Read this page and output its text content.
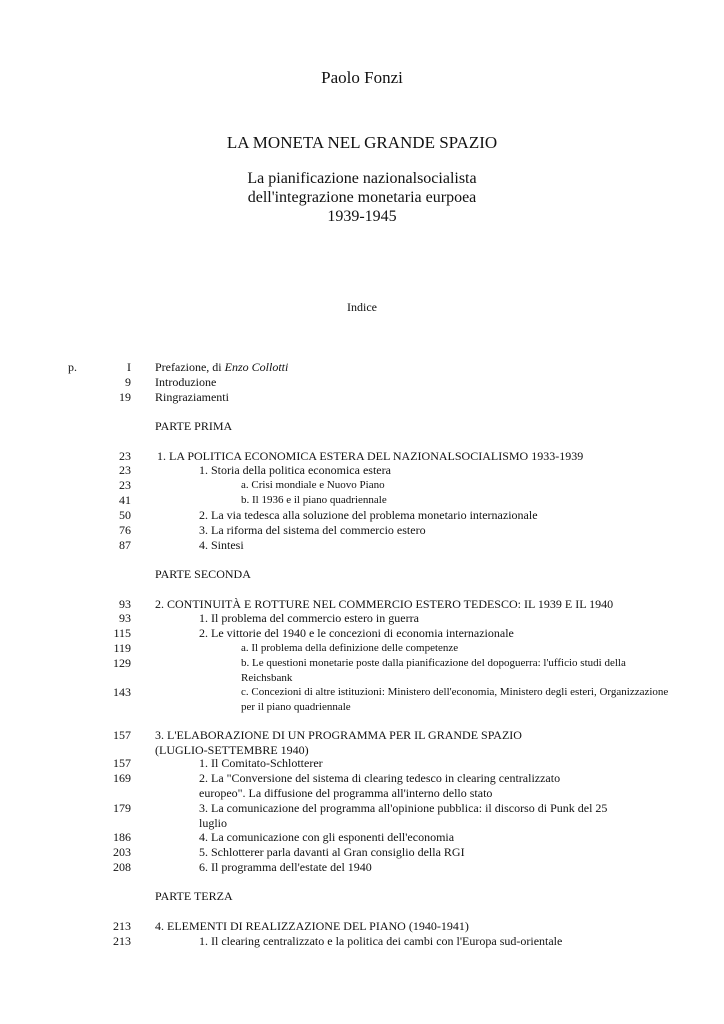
Paolo Fonzi
LA MONETA NEL GRANDE SPAZIO
La pianificazione nazionalsocialista
dell'integrazione monetaria eurpoea
1939-1945
Indice
p.	I Prefazione, di Enzo Collotti
9 Introduzione
19 Ringraziamenti
PARTE PRIMA
23 1. LA POLITICA ECONOMICA ESTERA DEL NAZIONALSOCIALISMO 1933-1939
23	1. Storia della politica economica estera
23	a. Crisi mondiale e Nuovo Piano
41	b. Il 1936 e il piano quadriennale
50	2. La via tedesca alla soluzione del problema monetario internazionale
76	3. La riforma del sistema del commercio estero
87	4. Sintesi
PARTE SECONDA
93 2. CONTINUITÀ E ROTTURE NEL COMMERCIO ESTERO TEDESCO: IL 1939 E IL 1940
93	1. Il problema del commercio estero in guerra
115	2. Le vittorie del 1940 e le concezioni di economia internazionale
119	a. Il problema della definizione delle competenze
129	b. Le questioni monetarie poste dalla pianificazione del dopoguerra: l'ufficio studi della Reichsbank
143	c. Concezioni di altre istituzioni: Ministero dell'economia, Ministero degli esteri, Organizzazione per il piano quadriennale
157 3. L'ELABORAZIONE DI UN PROGRAMMA PER IL GRANDE SPAZIO (LUGLIO-SETTEMBRE 1940)
157	1. Il Comitato-Schlotterer
169	2. La "Conversione del sistema di clearing tedesco in clearing centralizzato europeo". La diffusione del programma all'interno dello stato
179	3. La comunicazione del programma all'opinione pubblica: il discorso di Punk del 25 luglio
186	4. La comunicazione con gli esponenti dell'economia
203	5. Schlotterer parla davanti al Gran consiglio della RGI
208	6. Il programma dell'estate del 1940
PARTE TERZA
213 4. ELEMENTI DI REALIZZAZIONE DEL PIANO (1940-1941)
213	1. Il clearing centralizzato e la politica dei cambi con l'Europa sud-orientale
